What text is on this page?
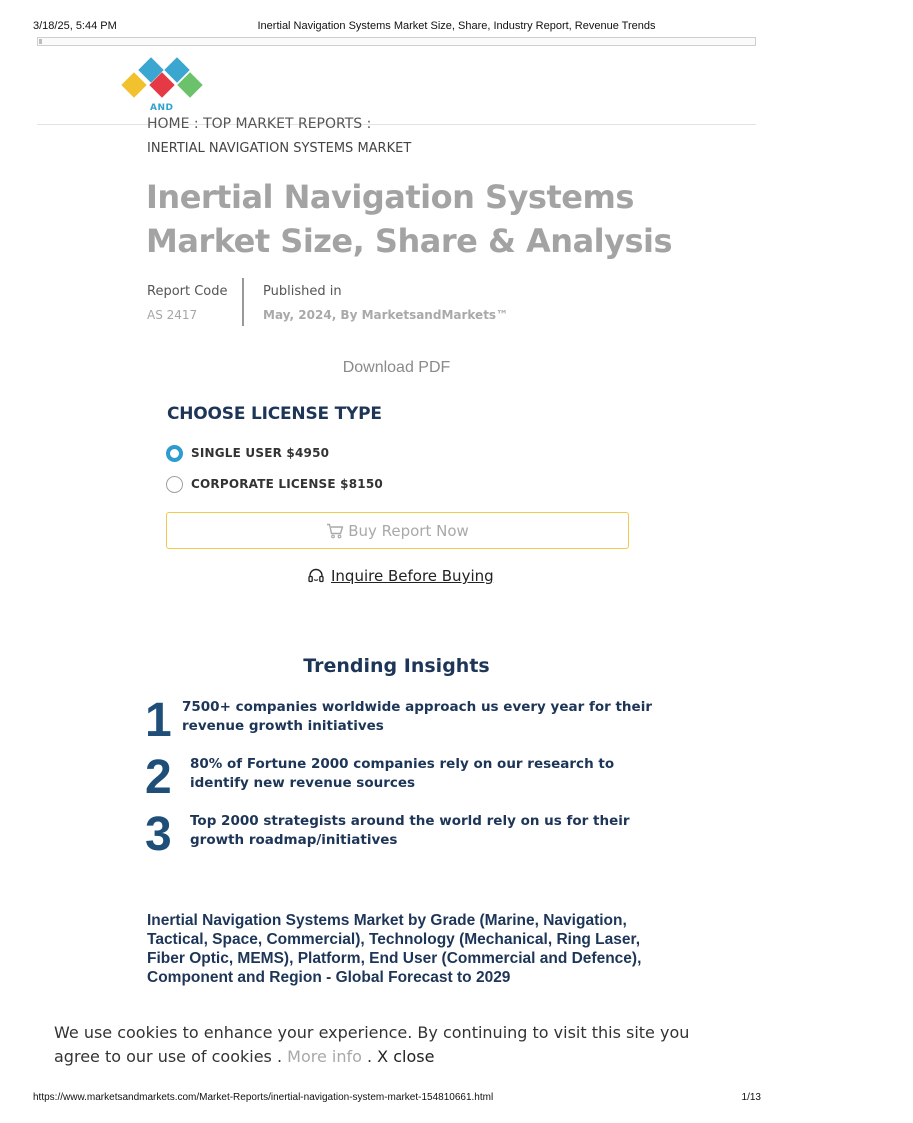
3/18/25, 5:44 PM	Inertial Navigation Systems Market Size, Share, Industry Report, Revenue Trends
AND
HOME : TOP MARKET REPORTS :
INERTIAL NAVIGATION SYSTEMS MARKET
Inertial Navigation Systems
Market Size, Share & Analysis
Report Code
AS 2417
Published in
May, 2024, By MarketsandMarkets™
Download PDF
CHOOSE LICENSE TYPE
SINGLE USER $4950
CORPORATE LICENSE $8150
Buy Report Now
Inquire Before Buying
Trending Insights
1 7500+ companies worldwide approach us every year for their revenue growth initiatives
2 80% of Fortune 2000 companies rely on our research to identify new revenue sources
3 Top 2000 strategists around the world rely on us for their growth roadmap/initiatives
Inertial Navigation Systems Market by Grade (Marine, Navigation, Tactical, Space, Commercial), Technology (Mechanical, Ring Laser, Fiber Optic, MEMS), Platform, End User (Commercial and Defence), Component and Region - Global Forecast to 2029
We use cookies to enhance your experience. By continuing to visit this site you agree to our use of cookies . More info . X close
https://www.marketsandmarkets.com/Market-Reports/inertial-navigation-system-market-154810661.html	1/13
